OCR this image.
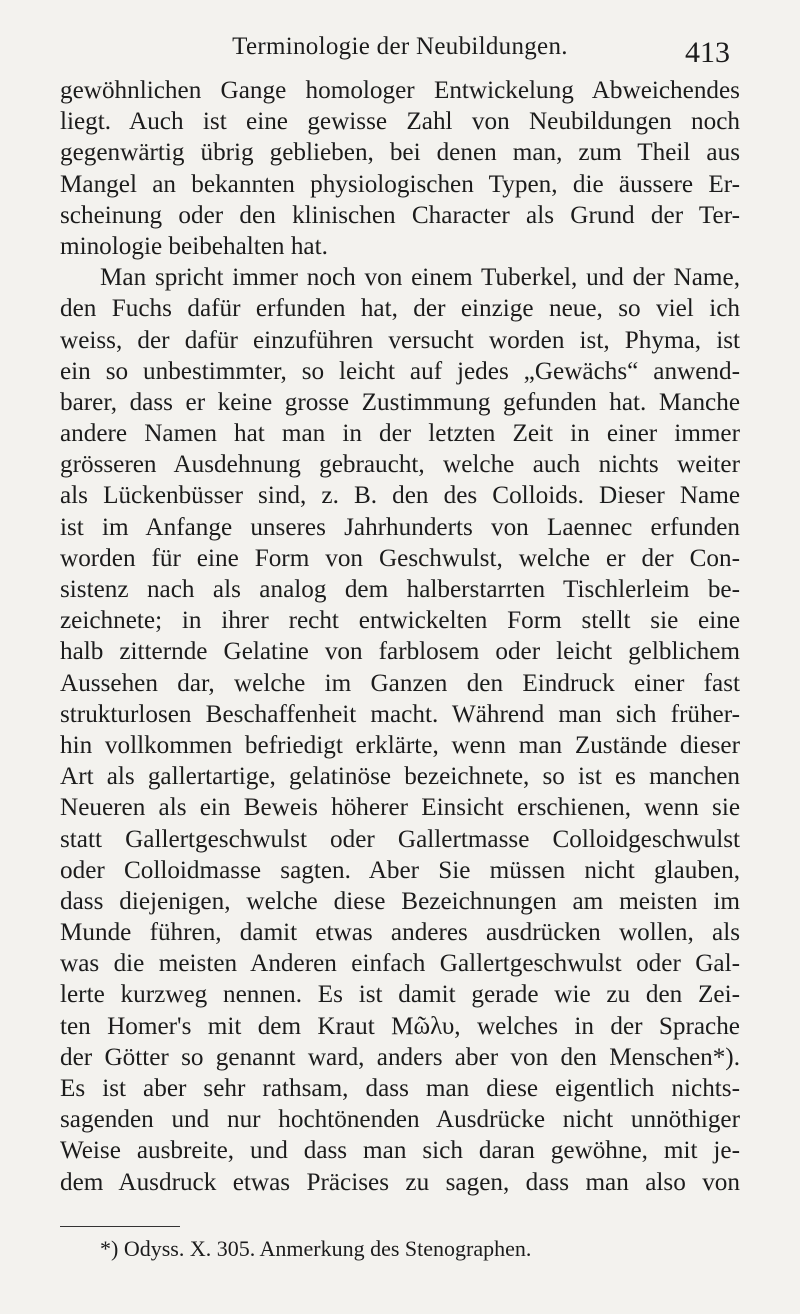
Terminologie der Neubildungen.	413
gewöhnlichen Gange homologer Entwickelung Abweichendes
liegt. Auch ist eine gewisse Zahl von Neubildungen noch
gegenwärtig übrig geblieben, bei denen man, zum Theil aus
Mangel an bekannten physiologischen Typen, die äussere Er-
scheinung oder den klinischen Character als Grund der Ter-
minologie beibehalten hat.
Man spricht immer noch von einem Tuberkel, und der Name,
den Fuchs dafür erfunden hat, der einzige neue, so viel ich
weiss, der dafür einzuführen versucht worden ist, Phyma, ist
ein so unbestimmter, so leicht auf jedes „Gewächs“ anwend-
barer, dass er keine grosse Zustimmung gefunden hat. Manche
andere Namen hat man in der letzten Zeit in einer immer
grösseren Ausdehnung gebraucht, welche auch nichts weiter
als Lückenbüsser sind, z. B. den des Colloids. Dieser Name
ist im Anfange unseres Jahrhunderts von Laennec erfunden
worden für eine Form von Geschwulst, welche er der Con-
sistenz nach als analog dem halberstarrten Tischlerleim be-
zeichnete; in ihrer recht entwickelten Form stellt sie eine
halb zitternde Gelatine von farblosem oder leicht gelblichem
Aussehen dar, welche im Ganzen den Eindruck einer fast
strukturlosen Beschaffenheit macht. Während man sich früher-
hin vollkommen befriedigt erklärte, wenn man Zustände dieser
Art als gallertartige, gelatinöse bezeichnete, so ist es manchen
Neueren als ein Beweis höherer Einsicht erschienen, wenn sie
statt Gallertgeschwulst oder Gallertmasse Colloidgeschwulst
oder Colloidmasse sagten. Aber Sie müssen nicht glauben,
dass diejenigen, welche diese Bezeichnungen am meisten im
Munde führen, damit etwas anderes ausdrücken wollen, als
was die meisten Anderen einfach Gallertgeschwulst oder Gal-
lerte kurzweg nennen. Es ist damit gerade wie zu den Zei-
ten Homer's mit dem Kraut Μῶλυ, welches in der Sprache
der Götter so genannt ward, anders aber von den Menschen*).
Es ist aber sehr rathsam, dass man diese eigentlich nichts-
sagenden und nur hochtönenden Ausdrücke nicht unnöthiger
Weise ausbreite, und dass man sich daran gewöhne, mit je-
dem Ausdruck etwas Präcises zu sagen, dass man also von
*) Odyss. X. 305. Anmerkung des Stenographen.
